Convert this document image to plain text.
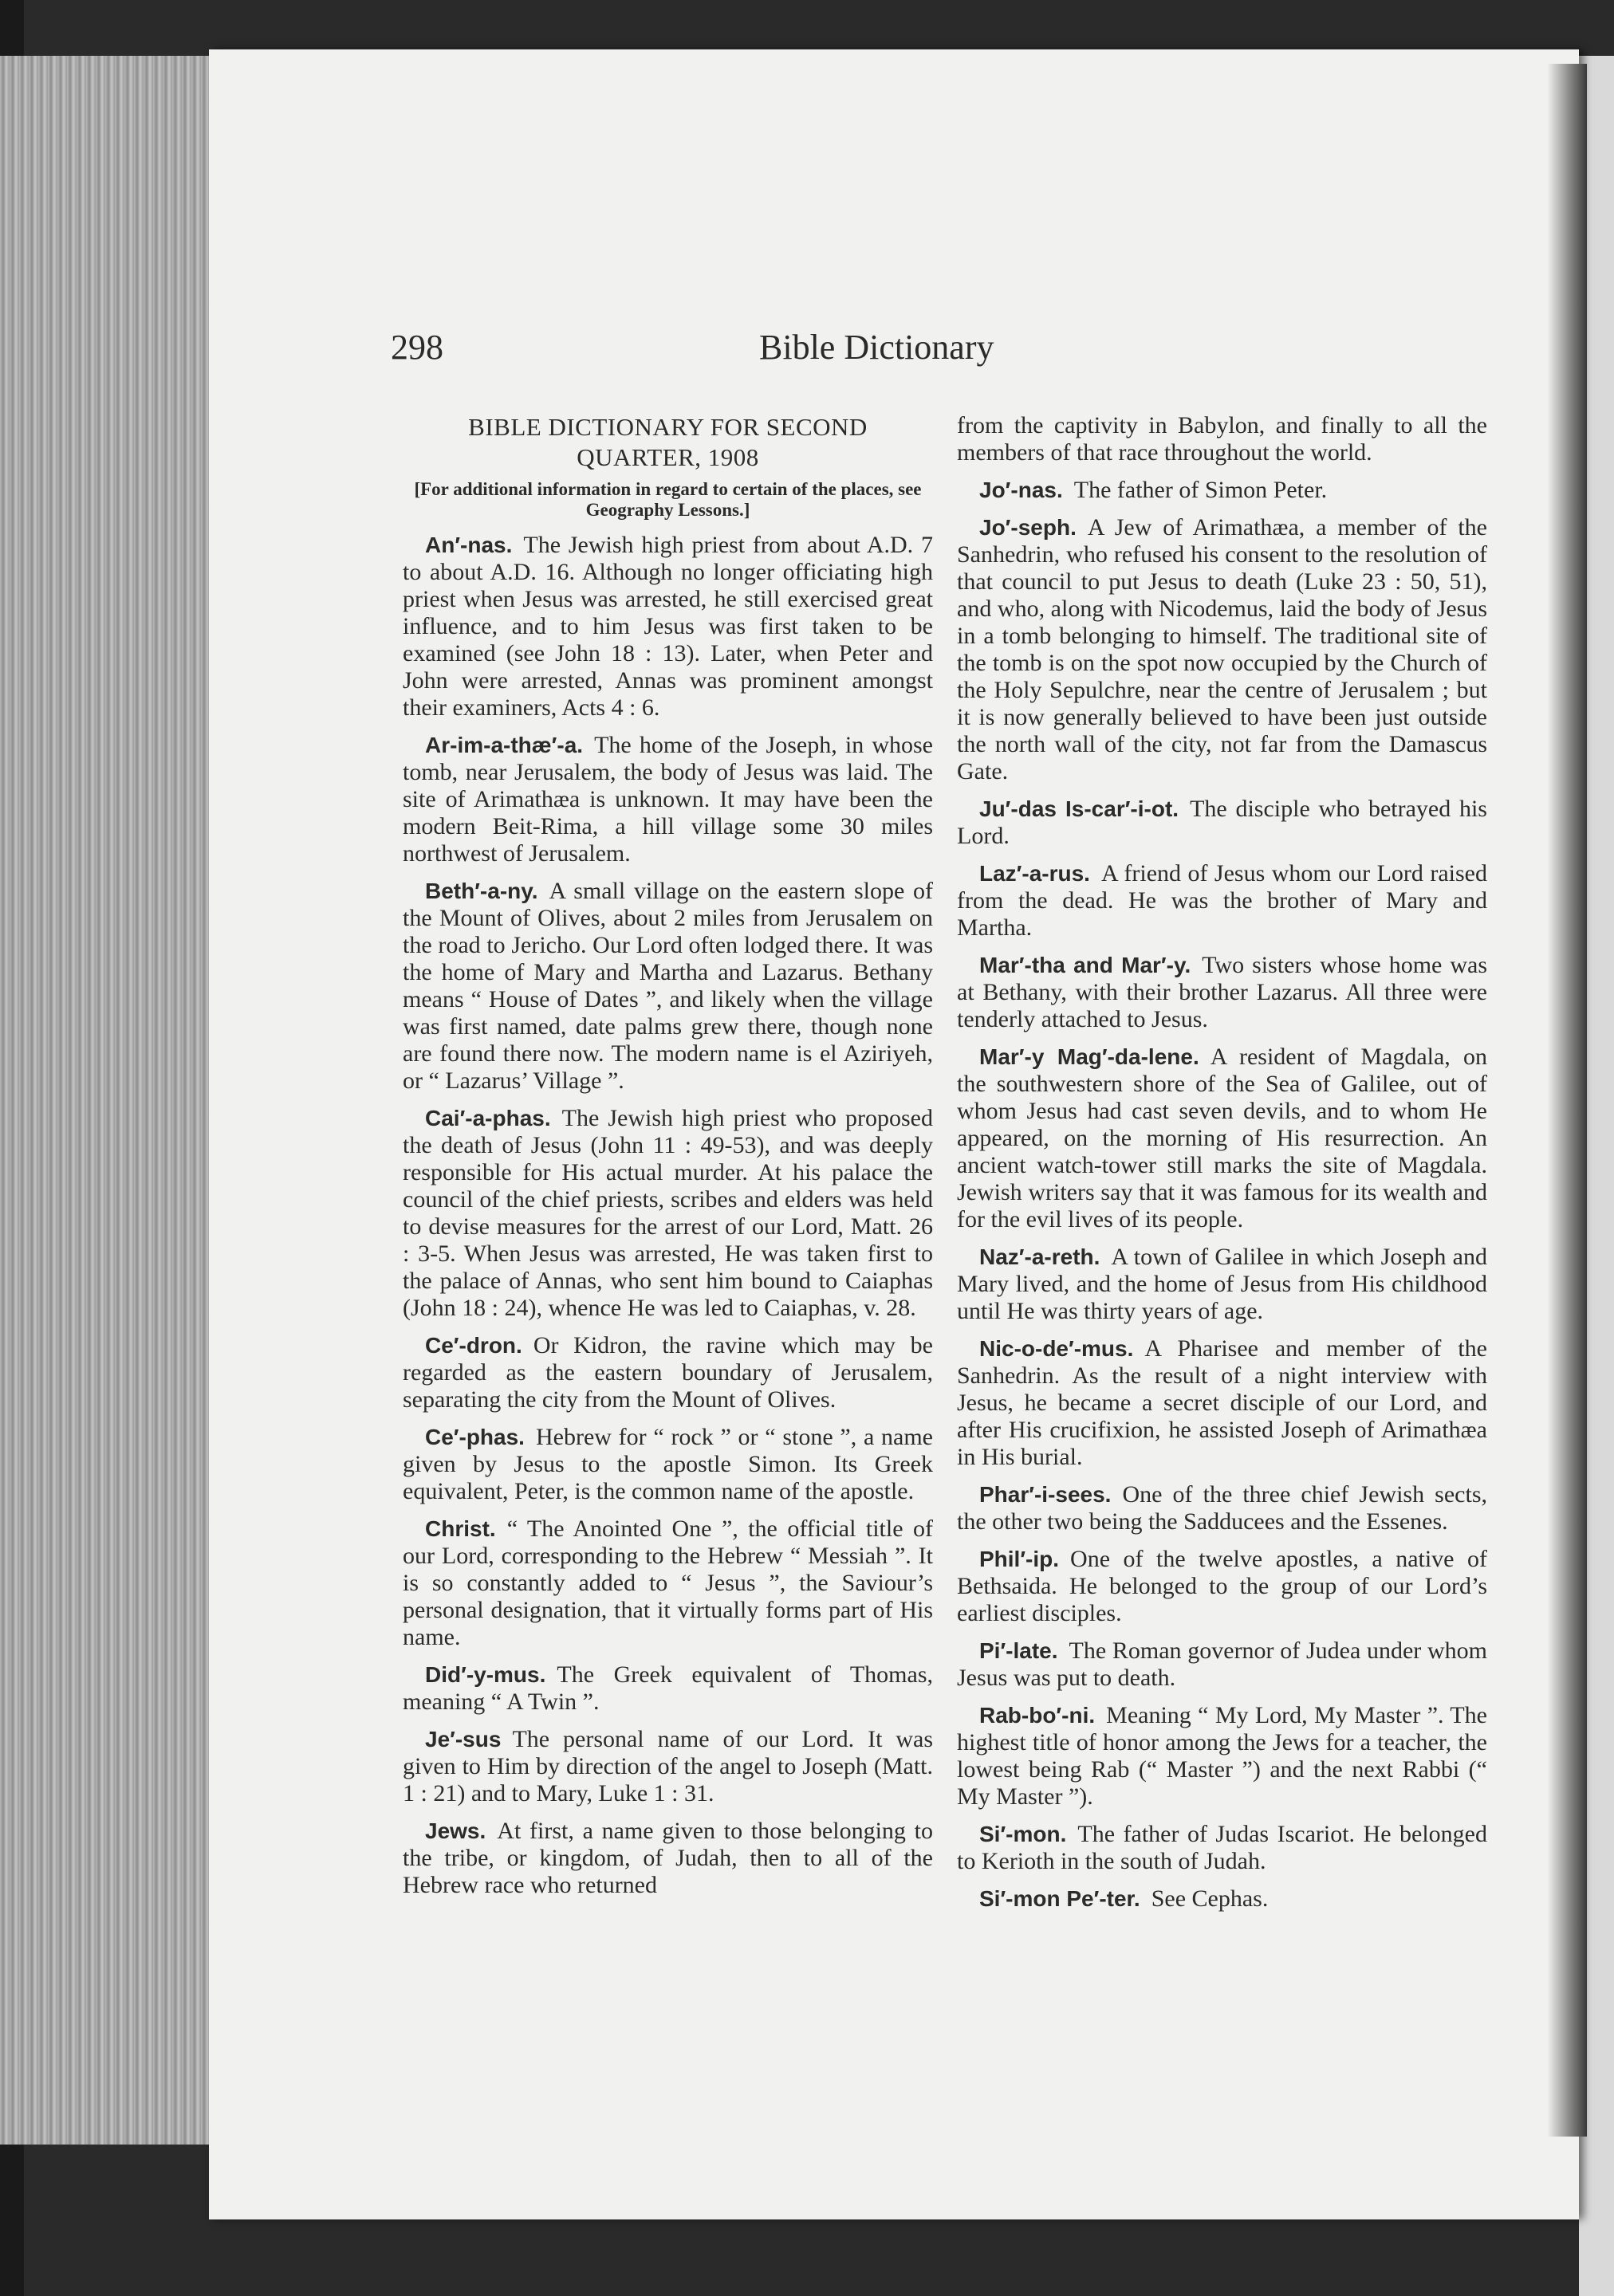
298	Bible Dictionary
BIBLE DICTIONARY FOR SECOND QUARTER, 1908
[For additional information in regard to certain of the places, see Geography Lessons.]

An′-nas. The Jewish high priest from about A.D. 7 to about A.D. 16. Although no longer officiating high priest when Jesus was arrested, he still exercised great influence, and to him Jesus was first taken to be examined (see John 18 : 13). Later, when Peter and John were arrested, Annas was prominent amongst their examiners, Acts 4 : 6.

Ar-im-a-thæ′-a. The home of the Joseph, in whose tomb, near Jerusalem, the body of Jesus was laid. The site of Arimathæa is unknown. It may have been the modern Beit-Rima, a hill village some 30 miles northwest of Jerusalem.

Beth′-a-ny. A small village on the eastern slope of the Mount of Olives, about 2 miles from Jerusalem on the road to Jericho. Our Lord often lodged there. It was the home of Mary and Martha and Lazarus. Bethany means “ House of Dates ”, and likely when the village was first named, date palms grew there, though none are found there now. The modern name is el Aziriyeh, or “ Lazarus’ Village ”.

Cai′-a-phas. The Jewish high priest who proposed the death of Jesus (John 11 : 49-53), and was deeply responsible for His actual murder. At his palace the council of the chief priests, scribes and elders was held to devise measures for the arrest of our Lord, Matt. 26 : 3-5. When Jesus was arrested, He was taken first to the palace of Annas, who sent him bound to Caiaphas (John 18 : 24), whence He was led to Caiaphas, v. 28.

Ce′-dron. Or Kidron, the ravine which may be regarded as the eastern boundary of Jerusalem, separating the city from the Mount of Olives.

Ce′-phas. Hebrew for “ rock ” or “ stone ”, a name given by Jesus to the apostle Simon. Its Greek equivalent, Peter, is the common name of the apostle.

Christ. “ The Anointed One ”, the official title of our Lord, corresponding to the Hebrew “ Messiah ”. It is so constantly added to “ Jesus ”, the Saviour’s personal designation, that it virtually forms part of His name.

Did′-y-mus. The Greek equivalent of Thomas, meaning “ A Twin ”.

Je′-sus The personal name of our Lord. It was given to Him by direction of the angel to Joseph (Matt. 1 : 21) and to Mary, Luke 1 : 31.

Jews. At first, a name given to those belonging to the tribe, or kingdom, of Judah, then to all of the Hebrew race who returned

from the captivity in Babylon, and finally to all the members of that race throughout the world.

Jo′-nas. The father of Simon Peter.

Jo′-seph. A Jew of Arimathæa, a member of the Sanhedrin, who refused his consent to the resolution of that council to put Jesus to death (Luke 23 : 50, 51), and who, along with Nicodemus, laid the body of Jesus in a tomb belonging to himself. The traditional site of the tomb is on the spot now occupied by the Church of the Holy Sepulchre, near the centre of Jerusalem ; but it is now generally believed to have been just outside the north wall of the city, not far from the Damascus Gate.

Ju′-das Is-car′-i-ot. The disciple who betrayed his Lord.

Laz′-a-rus. A friend of Jesus whom our Lord raised from the dead. He was the brother of Mary and Martha.

Mar′-tha and Mar′-y. Two sisters whose home was at Bethany, with their brother Lazarus. All three were tenderly attached to Jesus.

Mar′-y Mag′-da-lene. A resident of Magdala, on the southwestern shore of the Sea of Galilee, out of whom Jesus had cast seven devils, and to whom He appeared, on the morning of His resurrection. An ancient watch-tower still marks the site of Magdala. Jewish writers say that it was famous for its wealth and for the evil lives of its people.

Naz′-a-reth. A town of Galilee in which Joseph and Mary lived, and the home of Jesus from His childhood until He was thirty years of age.

Nic-o-de′-mus. A Pharisee and member of the Sanhedrin. As the result of a night interview with Jesus, he became a secret disciple of our Lord, and after His crucifixion, he assisted Joseph of Arimathæa in His burial.

Phar′-i-sees. One of the three chief Jewish sects, the other two being the Sadducees and the Essenes.

Phil′-ip. One of the twelve apostles, a native of Bethsaida. He belonged to the group of our Lord’s earliest disciples.

Pi′-late. The Roman governor of Judea under whom Jesus was put to death.

Rab-bo′-ni. Meaning “ My Lord, My Master ”. The highest title of honor among the Jews for a teacher, the lowest being Rab (“ Master ”) and the next Rabbi (“ My Master ”).

Si′-mon. The father of Judas Iscariot. He belonged to Kerioth in the south of Judah.

Si′-mon Pe′-ter. See Cephas.
